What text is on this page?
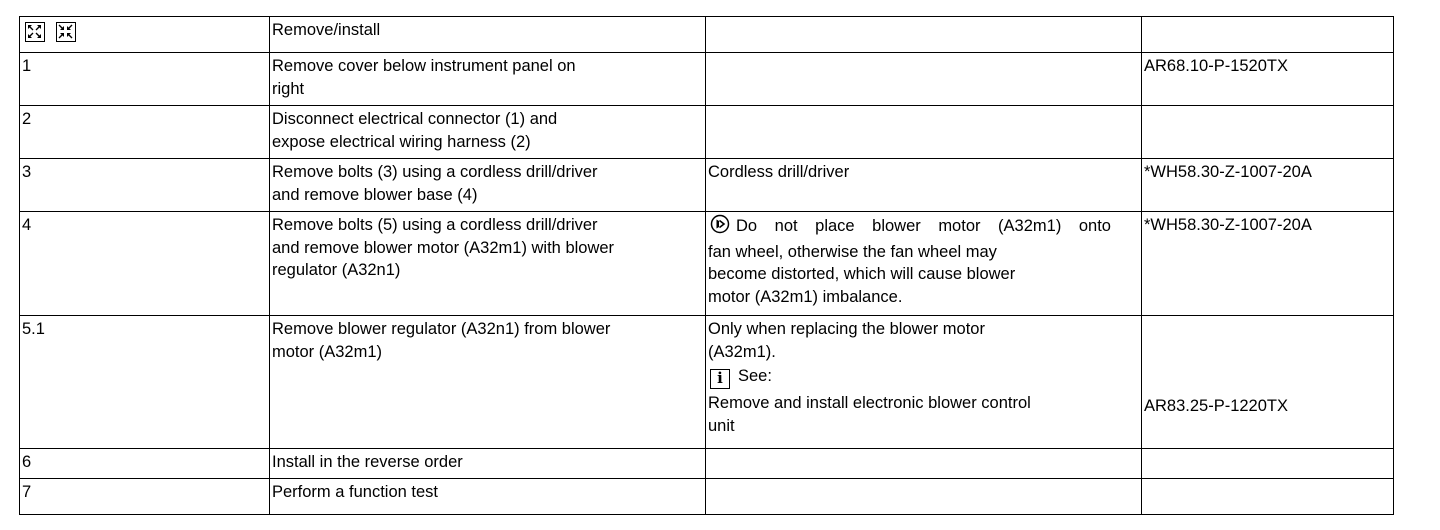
	Remove/install		
1	Remove cover below instrument panel on
right		AR68.10-P-1520TX
2	Disconnect electrical connector (1) and
expose electrical wiring harness (2)		

3	Remove bolts (3) using a cordless drill/driver
and remove blower base (4)	Cordless drill/driver	*WH58.30-Z-1007-20A
4	Remove bolts (5) using a cordless drill/driver
and remove blower motor (A32m1) with blower
regulator (A32n1)	Do not place blower motor (A32m1) onto
fan wheel, otherwise the fan wheel may
become distorted, which will cause blower
motor (A32m1) imbalance.	*WH58.30-Z-1007-20A
5.1	Remove blower regulator (A32n1) from blower
motor (A32m1)	Only when replacing the blower motor
(A32m1).
i See:
Remove and install electronic blower control
unit	AR83.25-P-1220TX

6	Install in the reverse order		

7	Perform a function test		
